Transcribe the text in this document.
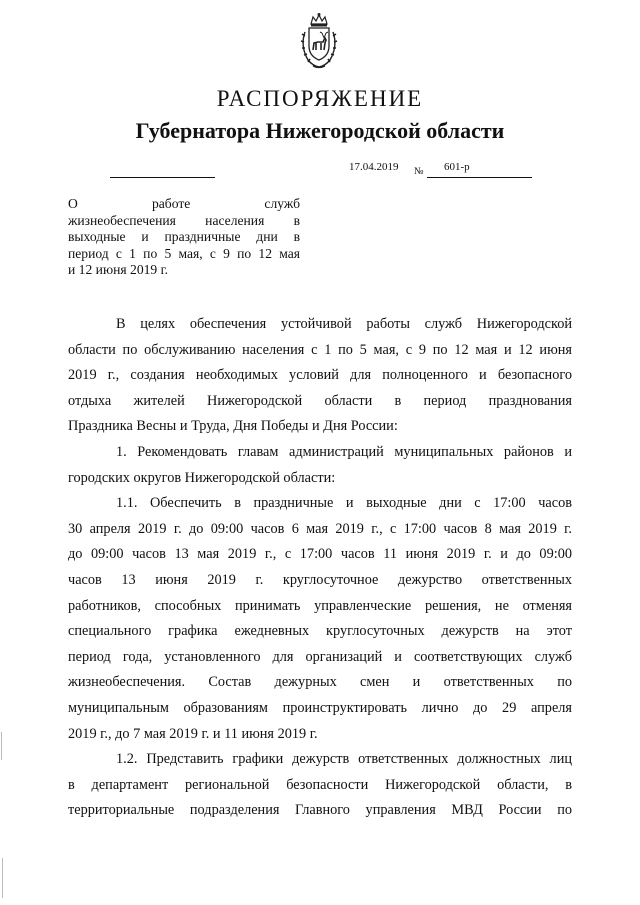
РАСПОРЯЖЕНИЕ
Губернатора Нижегородской области
17.04.2019 № 601-р
О работе служб
жизнеобеспечения населения в
выходные и праздничные дни в
период с 1 по 5 мая, с 9 по 12 мая
и 12 июня 2019 г.
В целях обеспечения устойчивой работы служб Нижегородской
области по обслуживанию населения с 1 по 5 мая, с 9 по 12 мая и 12 июня
2019 г., создания необходимых условий для полноценного и безопасного
отдыха жителей Нижегородской области в период празднования
Праздника Весны и Труда, Дня Победы и Дня России:
1. Рекомендовать главам администраций муниципальных районов и
городских округов Нижегородской области:
1.1. Обеспечить в праздничные и выходные дни с 17:00 часов
30 апреля 2019 г. до 09:00 часов 6 мая 2019 г., с 17:00 часов 8 мая 2019 г.
до 09:00 часов 13 мая 2019 г., с 17:00 часов 11 июня 2019 г. и до 09:00
часов 13 июня 2019 г. круглосуточное дежурство ответственных
работников, способных принимать управленческие решения, не отменяя
специального графика ежедневных круглосуточных дежурств на этот
период года, установленного для организаций и соответствующих служб
жизнеобеспечения. Состав дежурных смен и ответственных по
муниципальным образованиям проинструктировать лично до 29 апреля
2019 г., до 7 мая 2019 г. и 11 июня 2019 г.
1.2. Представить графики дежурств ответственных должностных лиц
в департамент региональной безопасности Нижегородской области, в
территориальные подразделения Главного управления МВД России по
